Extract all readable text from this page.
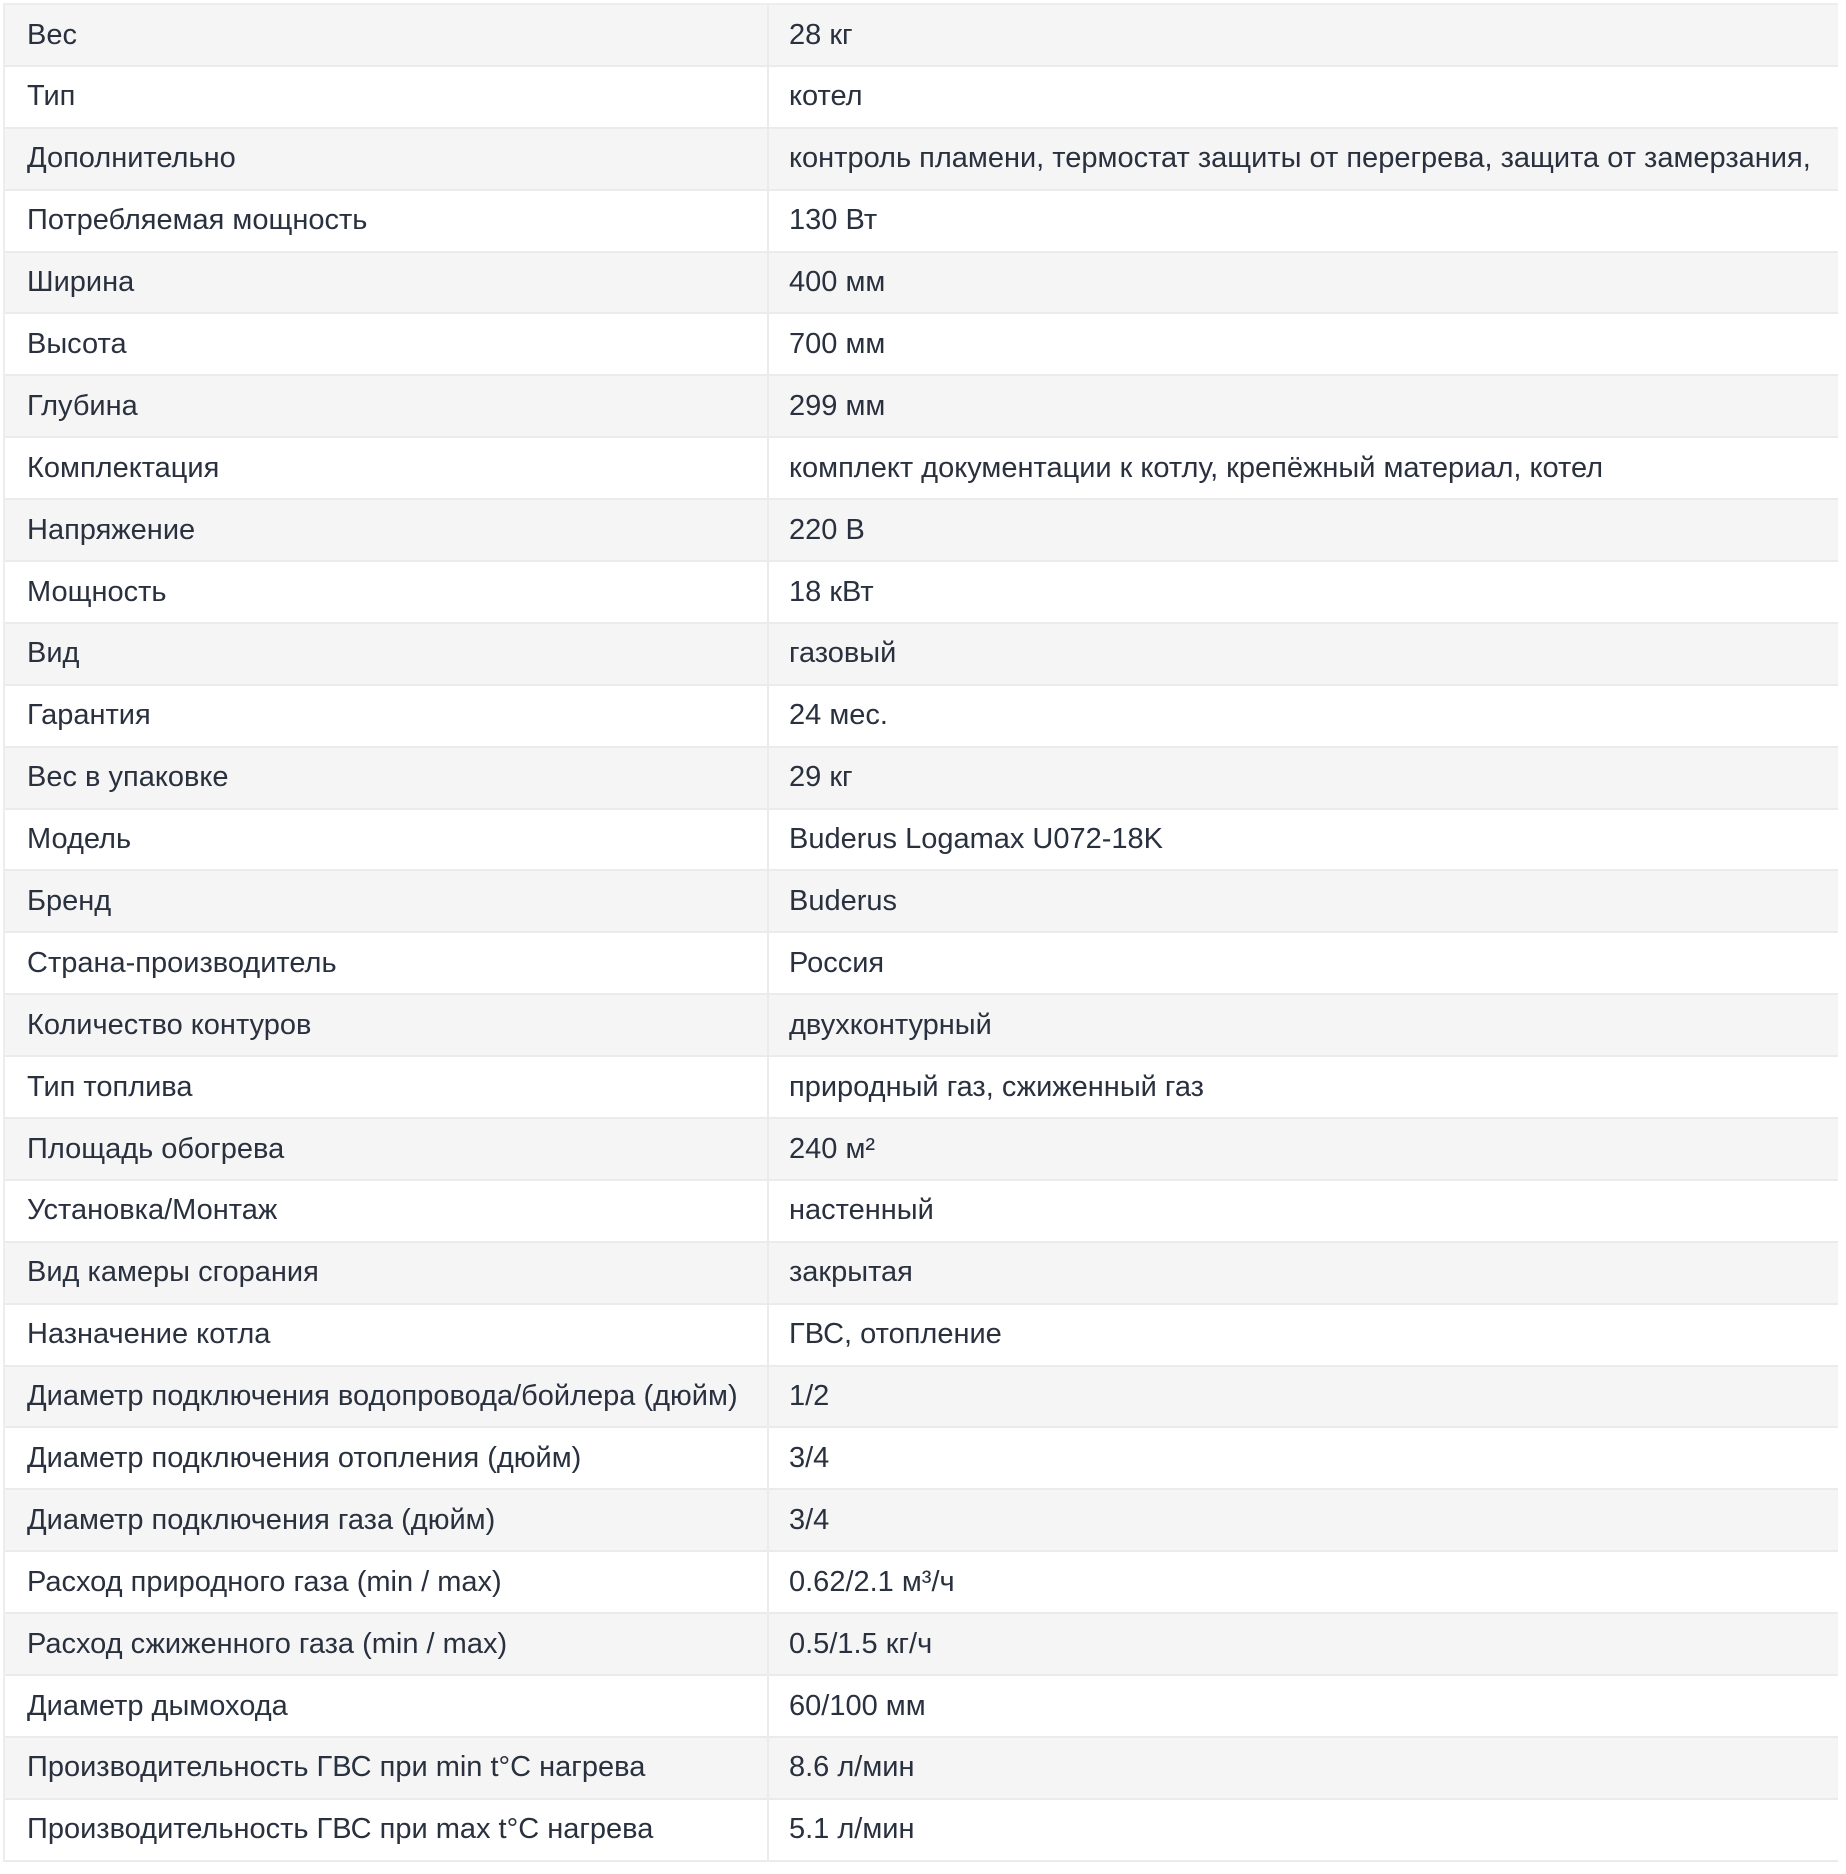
Вес	28 кг
Тип	котел
Дополнительно	контроль пламени, термостат защиты от перегрева, защита от замерзания,
Потребляемая мощность	130 Вт
Ширина	400 мм
Высота	700 мм
Глубина	299 мм
Комплектация	комплект документации к котлу, крепёжный материал, котел
Напряжение	220 В
Мощность	18 кВт
Вид	газовый
Гарантия	24 мес.
Вес в упаковке	29 кг
Модель	Buderus Logamax U072-18K
Бренд	Buderus
Страна-производитель	Россия
Количество контуров	двухконтурный
Тип топлива	природный газ, сжиженный газ
Площадь обогрева	240 м²
Установка/Монтаж	настенный
Вид камеры сгорания	закрытая
Назначение котла	ГВС, отопление
Диаметр подключения водопровода/бойлера (дюйм)	1/2
Диаметр подключения отопления (дюйм)	3/4
Диаметр подключения газа (дюйм)	3/4
Расход природного газа (min / max)	0.62/2.1 м³/ч
Расход сжиженного газа (min / max)	0.5/1.5 кг/ч
Диаметр дымохода	60/100 мм
Производительность ГВС при min t°C нагрева	8.6 л/мин
Производительность ГВС при max t°C нагрева	5.1 л/мин
